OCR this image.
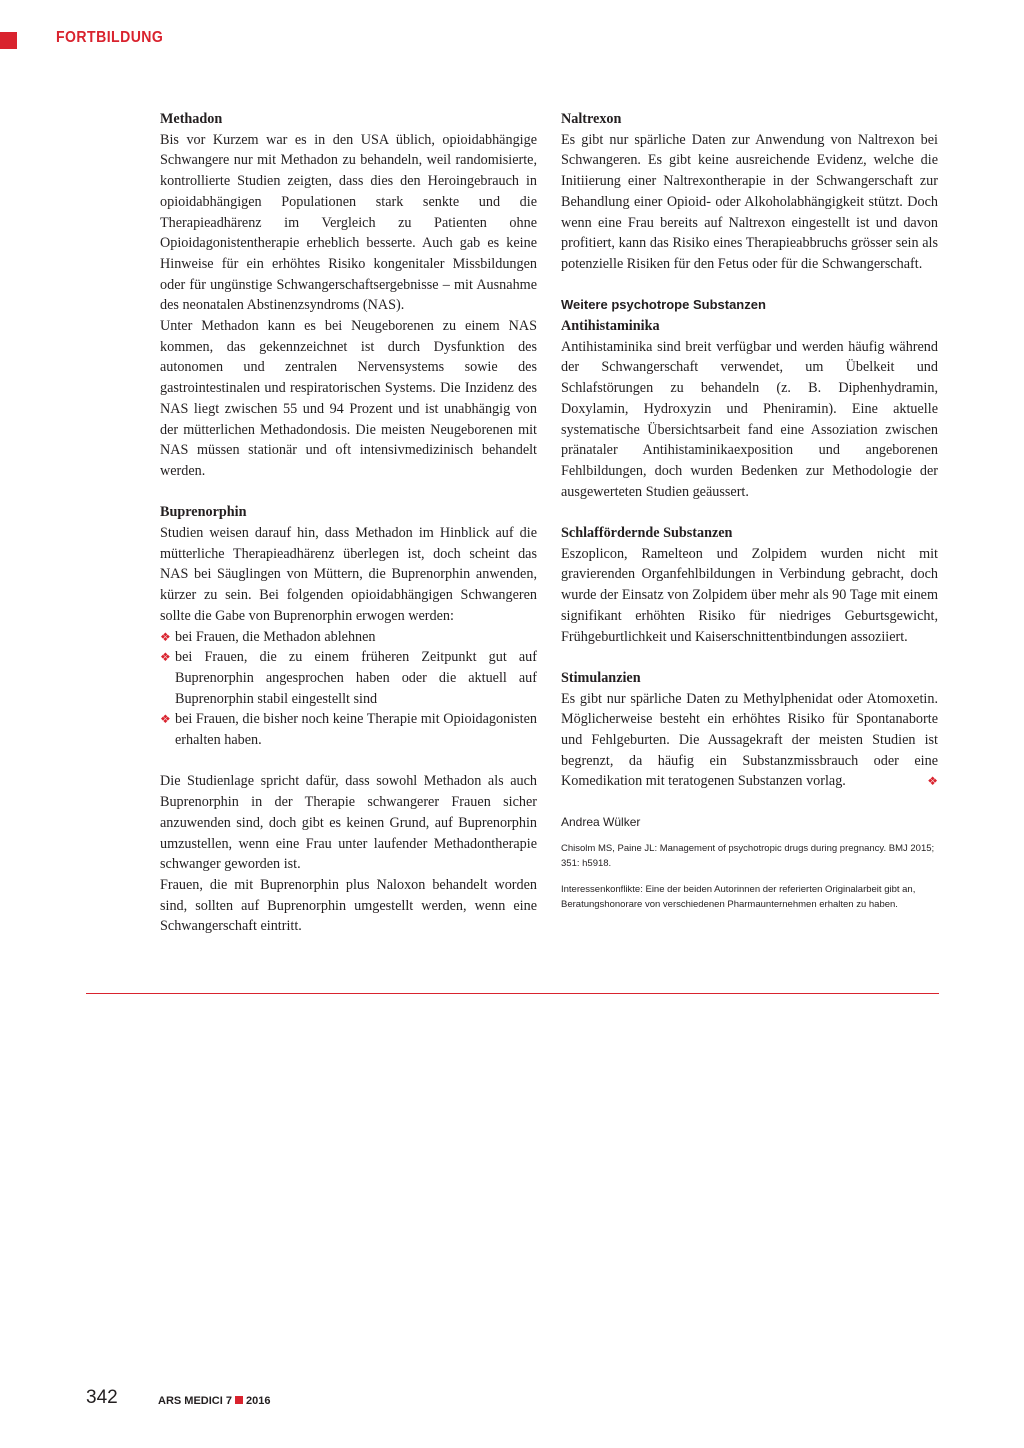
FORTBILDUNG
Methadon

Bis vor Kurzem war es in den USA üblich, opioidabhängige Schwangere nur mit Methadon zu behandeln, weil randomisierte, kontrollierte Studien zeigten, dass dies den Heroingebrauch in opioidabhängigen Populationen stark senkte und die Therapieadhärenz im Vergleich zu Patienten ohne Opioidagonistentherapie erheblich besserte. Auch gab es keine Hinweise für ein erhöhtes Risiko kongenitaler Missbildungen oder für ungünstige Schwangerschaftsergebnisse – mit Ausnahme des neonatalen Abstinenzsyndroms (NAS).

Unter Methadon kann es bei Neugeborenen zu einem NAS kommen, das gekennzeichnet ist durch Dysfunktion des autonomen und zentralen Nervensystems sowie des gastrointestinalen und respiratorischen Systems. Die Inzidenz des NAS liegt zwischen 55 und 94 Prozent und ist unabhängig von der mütterlichen Methadondosis. Die meisten Neugeborenen mit NAS müssen stationär und oft intensivmedizinisch behandelt werden.

Buprenorphin

Studien weisen darauf hin, dass Methadon im Hinblick auf die mütterliche Therapieadhärenz überlegen ist, doch scheint das NAS bei Säuglingen von Müttern, die Buprenorphin anwenden, kürzer zu sein. Bei folgenden opioidabhängigen Schwangeren sollte die Gabe von Buprenorphin erwogen werden:

❖ bei Frauen, die Methadon ablehnen
❖ bei Frauen, die zu einem früheren Zeitpunkt gut auf Buprenorphin angesprochen haben oder die aktuell auf Buprenorphin stabil eingestellt sind
❖ bei Frauen, die bisher noch keine Therapie mit Opioidagonisten erhalten haben.

Die Studienlage spricht dafür, dass sowohl Methadon als auch Buprenorphin in der Therapie schwangerer Frauen sicher anzuwenden sind, doch gibt es keinen Grund, auf Buprenorphin umzustellen, wenn eine Frau unter laufender Methadontherapie schwanger geworden ist.

Frauen, die mit Buprenorphin plus Naloxon behandelt worden sind, sollten auf Buprenorphin umgestellt werden, wenn eine Schwangerschaft eintritt.

Naltrexon

Es gibt nur spärliche Daten zur Anwendung von Naltrexon bei Schwangeren. Es gibt keine ausreichende Evidenz, welche die Initiierung einer Naltrexontherapie in der Schwangerschaft zur Behandlung einer Opioid- oder Alkoholabhängigkeit stützt. Doch wenn eine Frau bereits auf Naltrexon eingestellt ist und davon profitiert, kann das Risiko eines Therapieabbruchs grösser sein als potenzielle Risiken für den Fetus oder für die Schwangerschaft.

Weitere psychotrope Substanzen
Antihistaminika

Antihistaminika sind breit verfügbar und werden häufig während der Schwangerschaft verwendet, um Übelkeit und Schlafstörungen zu behandeln (z. B. Diphenhydramin, Doxylamin, Hydroxyzin und Pheniramin). Eine aktuelle systematische Übersichtsarbeit fand eine Assoziation zwischen pränataler Antihistaminikaexposition und angeborenen Fehlbildungen, doch wurden Bedenken zur Methodologie der ausgewerteten Studien geäussert.

Schlaffördernde Substanzen

Eszoplicon, Ramelteon und Zolpidem wurden nicht mit gravierenden Organfehlbildungen in Verbindung gebracht, doch wurde der Einsatz von Zolpidem über mehr als 90 Tage mit einem signifikant erhöhten Risiko für niedriges Geburtsgewicht, Frühgeburtlichkeit und Kaiserschnittentbindungen assoziiert.

Stimulanzien

Es gibt nur spärliche Daten zu Methylphenidat oder Atomoxetin. Möglicherweise besteht ein erhöhtes Risiko für Spontanaborte und Fehlgeburten. Die Aussagekraft der meisten Studien ist begrenzt, da häufig ein Substanzmissbrauch oder eine Komedikation mit teratogenen Substanzen vorlag.	❖

Andrea Wülker
Chisolm MS, Paine JL: Management of psychotropic drugs during pregnancy. BMJ 2015; 351: h5918.
Interessenkonflikte: Eine der beiden Autorinnen der referierten Originalarbeit gibt an, Beratungshonorare von verschiedenen Pharmaunternehmen erhalten zu haben.
342	ARS MEDICI 7 2016
